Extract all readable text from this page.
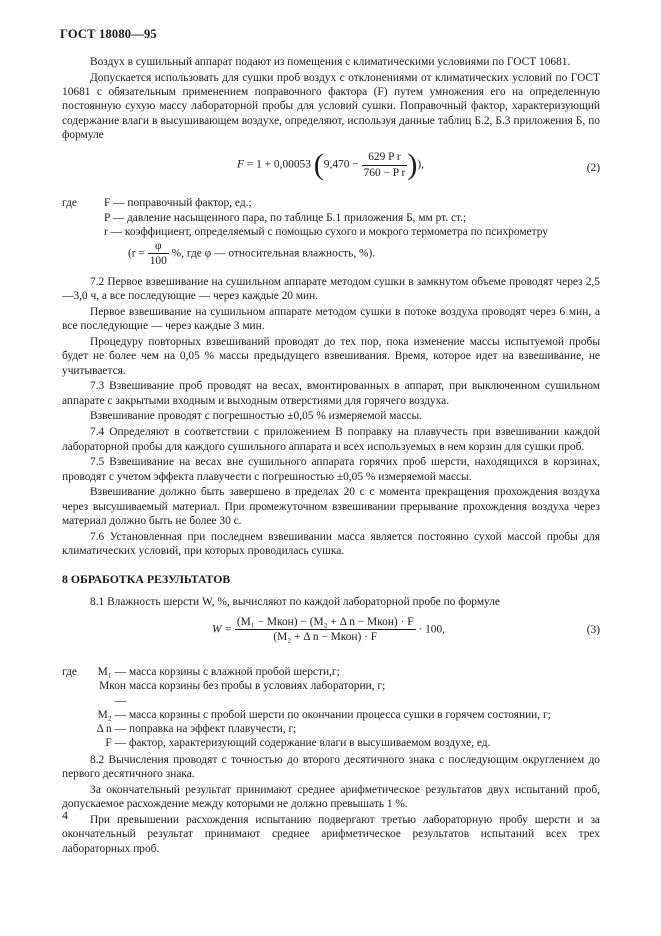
ГОСТ 18080—95

Воздух в сушильный аппарат подают из помещения с климатическими условиями по ГОСТ 10681.

Допускается использовать для сушки проб воздух с отклонениями от климатических условий по ГОСТ 10681 с обязательным применением поправочного фактора (F) путем умножения его на определенную постоянную сухую массу лабораторной пробы для условий сушки. Поправочный фактор, характеризующий содержание влаги в высушивающем воздухе, определяют, используя данные таблиц Б.2, Б.3 приложения Б, по формуле

F = 1 + 0,00053 ($9,470 - \frac{\text{629 P r}}{\text{760 − P r}}$ )),	(2)
где	F — поправочный фактор, ед.;
P — давление насыщенного пара, по таблице Б.1 приложения Б, мм рт. ст.;
r — коэффициент, определяемый с помощью сухого и мокрого термометра по психрометру
($r = \frac{\varphi}{100}$ %, где φ — относительная влажность, %).

7.2 Первое взвешивание на сушильном аппарате методом сушки в замкнутом объеме проводят через 2,5—3,0 ч, а все последующие — через каждые 20 мин.

Первое взвешивание на сушильном аппарате методом сушки в потоке воздуха проводят через 6 мин, а все последующие — через каждые 3 мин.

Процедуру повторных взвешиваний проводят до тех пор, пока изменение массы испытуемой пробы будет не более чем на 0,05 % массы предыдущего взвешивания. Время, которое идет на взвешивание, не учитывается.

7.3 Взвешивание проб проводят на весах, вмонтированных в аппарат, при выключенном сушильном аппарате с закрытыми входным и выходным отверстиями для горячего воздуха.

Взвешивание проводят с погрешностью ±0,05 % измеряемой массы.

7.4 Определяют в соответствии с приложением В поправку на плавучесть при взвешивании каждой лабораторной пробы для каждого сушильного аппарата и всех используемых в нем корзин для сушки проб.

7.5 Взвешивание на весах вне сушильного аппарата горячих проб шерсти, находящихся в корзинах, проводят с учетом эффекта плавучести с погрешностью ±0,05 % измеряемой массы.

Взвешивание должно быть завершено в пределах 20 с с момента прекращения прохождения воздуха через высушиваемый материал. При промежуточном взвешивании прерывание прохождения воздуха через материал должно быть не более 30 с.

7.6 Установленная при последнем взвешивании масса является постоянно сухой массой пробы для климатических условий, при которых проводилась сушка.

8 ОБРАБОТКА РЕЗУЛЬТАТОВ

8.1 Влажность шерсти W, %, вычисляют по каждой лабораторной пробе по формуле

$W = \frac{\text{(M₁ − Mкон) − (M₂ + Δ n − Mкон) · F}}{\text{(M₂ + Δ n − Mкон) · F}} \cdot 100$,	(3)
где	M₁ — масса корзины с влажной пробой шерсти,г;
Mкон —
масса корзины без пробы в условиях лаборатории, г;
M₂ — масса корзины с пробой шерсти по окончании процесса сушки в горячем состоянии, г;
Δ n — поправка на эффект плавучести, г;
F — фактор, характеризующий содержание влаги в высушиваемом воздухе, ед.

8.2 Вычисления проводят с точностью до второго десятичного знака с последующим округлением до первого десятичного знака.

За окончательный результат принимают среднее арифметическое результатов двух испытаний проб, допускаемое расхождение между которыми не должно превышать 1 %.

При превышении расхождения испытанию подвергают третью лабораторную пробу шерсти и за окончательный результат принимают среднее арифметическое результатов испытаний всех трех лабораторных проб.

4
